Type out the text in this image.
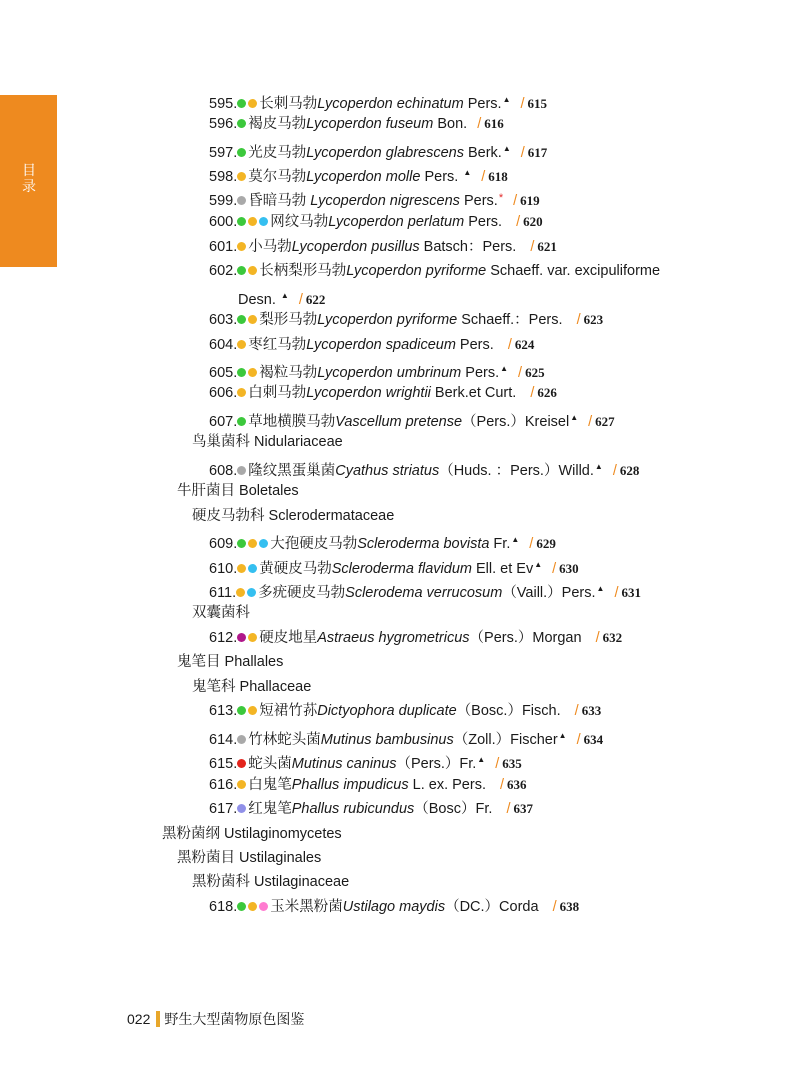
目录
595. 长刺马勃Lycoperdon echinatum Pers.▲ / 615
596. 褐皮马勃Lycoperdon fuseum Bon. / 616
597. 光皮马勃Lycoperdon glabrescens Berk.▲ / 617
598. 莫尔马勃Lycoperdon molle Pers. ▲ / 618
599. 昏暗马勃 Lycoperdon nigrescens Pers.* / 619
600. 网纹马勃Lycoperdon perlatum Pers. / 620
601. 小马勃Lycoperdon pusillus Batsch：Pers. / 621
602. 长柄梨形马勃Lycoperdon pyriforme Schaeff. var. excipuliforme
Desn. ▲ / 622
603. 梨形马勃Lycoperdon pyriforme Schaeff.：Pers. / 623
604. 枣红马勃Lycoperdon spadiceum Pers. / 624
605. 褐粒马勃Lycoperdon umbrinum Pers.▲ / 625
606. 白刺马勃Lycoperdon wrightii Berk.et Curt. / 626
607. 草地横膜马勃Vascellum pretense（Pers.）Kreisel▲ / 627
鸟巢菌科 Nidulariaceae
608. 隆纹黑蛋巢菌Cyathus striatus（Huds. ：Pers.）Willd.▲ / 628
牛肝菌目 Boletales
硬皮马勃科 Sclerodermataceae
609. 大孢硬皮马勃Scleroderma bovista Fr.▲ / 629
610. 黄硬皮马勃Scleroderma flavidum Ell. et Ev▲ / 630
611. 多疣硬皮马勃Sclerodema verrucosum（Vaill.）Pers.▲ / 631
双囊菌科
612. 硬皮地星Astraeus hygrometricus（Pers.）Morgan / 632
鬼笔目 Phallales
鬼笔科 Phallaceae
613. 短裙竹荪Dictyophora duplicate（Bosc.）Fisch. / 633
614. 竹林蛇头菌Mutinus bambusinus（Zoll.）Fischer▲ / 634
615. 蛇头菌Mutinus caninus（Pers.）Fr.▲ / 635
616. 白鬼笔Phallus impudicus L. ex. Pers. / 636
617. 红鬼笔Phallus rubicundus（Bosc）Fr. / 637
黑粉菌纲 Ustilaginomycetes
黑粉菌目 Ustilaginales
黑粉菌科 Ustilaginaceae
618. 玉米黑粉菌Ustilago maydis（DC.）Corda / 638
022 野生大型菌物原色图鉴
